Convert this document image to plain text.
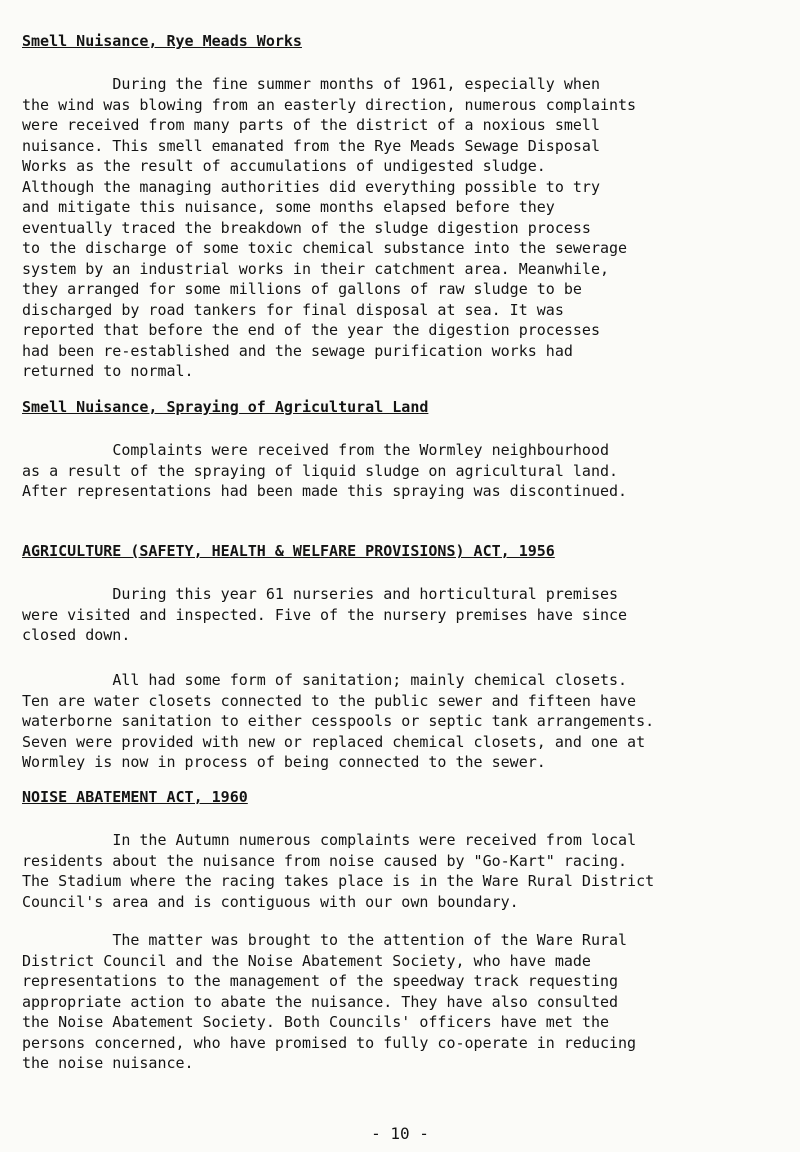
Smell Nuisance, Rye Meads Works

During the fine summer months of 1961, especially when
the wind was blowing from an easterly direction, numerous complaints
were received from many parts of the district of a noxious smell
nuisance. This smell emanated from the Rye Meads Sewage Disposal
Works as the result of accumulations of undigested sludge.
Although the managing authorities did everything possible to try
and mitigate this nuisance, some months elapsed before they
eventually traced the breakdown of the sludge digestion process
to the discharge of some toxic chemical substance into the sewerage
system by an industrial works in their catchment area. Meanwhile,
they arranged for some millions of gallons of raw sludge to be
discharged by road tankers for final disposal at sea. It was
reported that before the end of the year the digestion processes
had been re-established and the sewage purification works had
returned to normal.

Smell Nuisance, Spraying of Agricultural Land

Complaints were received from the Wormley neighbourhood
as a result of the spraying of liquid sludge on agricultural land.
After representations had been made this spraying was discontinued.

AGRICULTURE (SAFETY, HEALTH & WELFARE PROVISIONS) ACT, 1956

During this year 61 nurseries and horticultural premises
were visited and inspected. Five of the nursery premises have since
closed down.

All had some form of sanitation; mainly chemical closets.
Ten are water closets connected to the public sewer and fifteen have
waterborne sanitation to either cesspools or septic tank arrangements.
Seven were provided with new or replaced chemical closets, and one at
Wormley is now in process of being connected to the sewer.

NOISE ABATEMENT ACT, 1960

In the Autumn numerous complaints were received from local
residents about the nuisance from noise caused by "Go-Kart" racing.
The Stadium where the racing takes place is in the Ware Rural District
Council's area and is contiguous with our own boundary.

The matter was brought to the attention of the Ware Rural
District Council and the Noise Abatement Society, who have made
representations to the management of the speedway track requesting
appropriate action to abate the nuisance. They have also consulted
the Noise Abatement Society. Both Councils' officers have met the
persons concerned, who have promised to fully co-operate in reducing
the noise nuisance.

- 10 -
